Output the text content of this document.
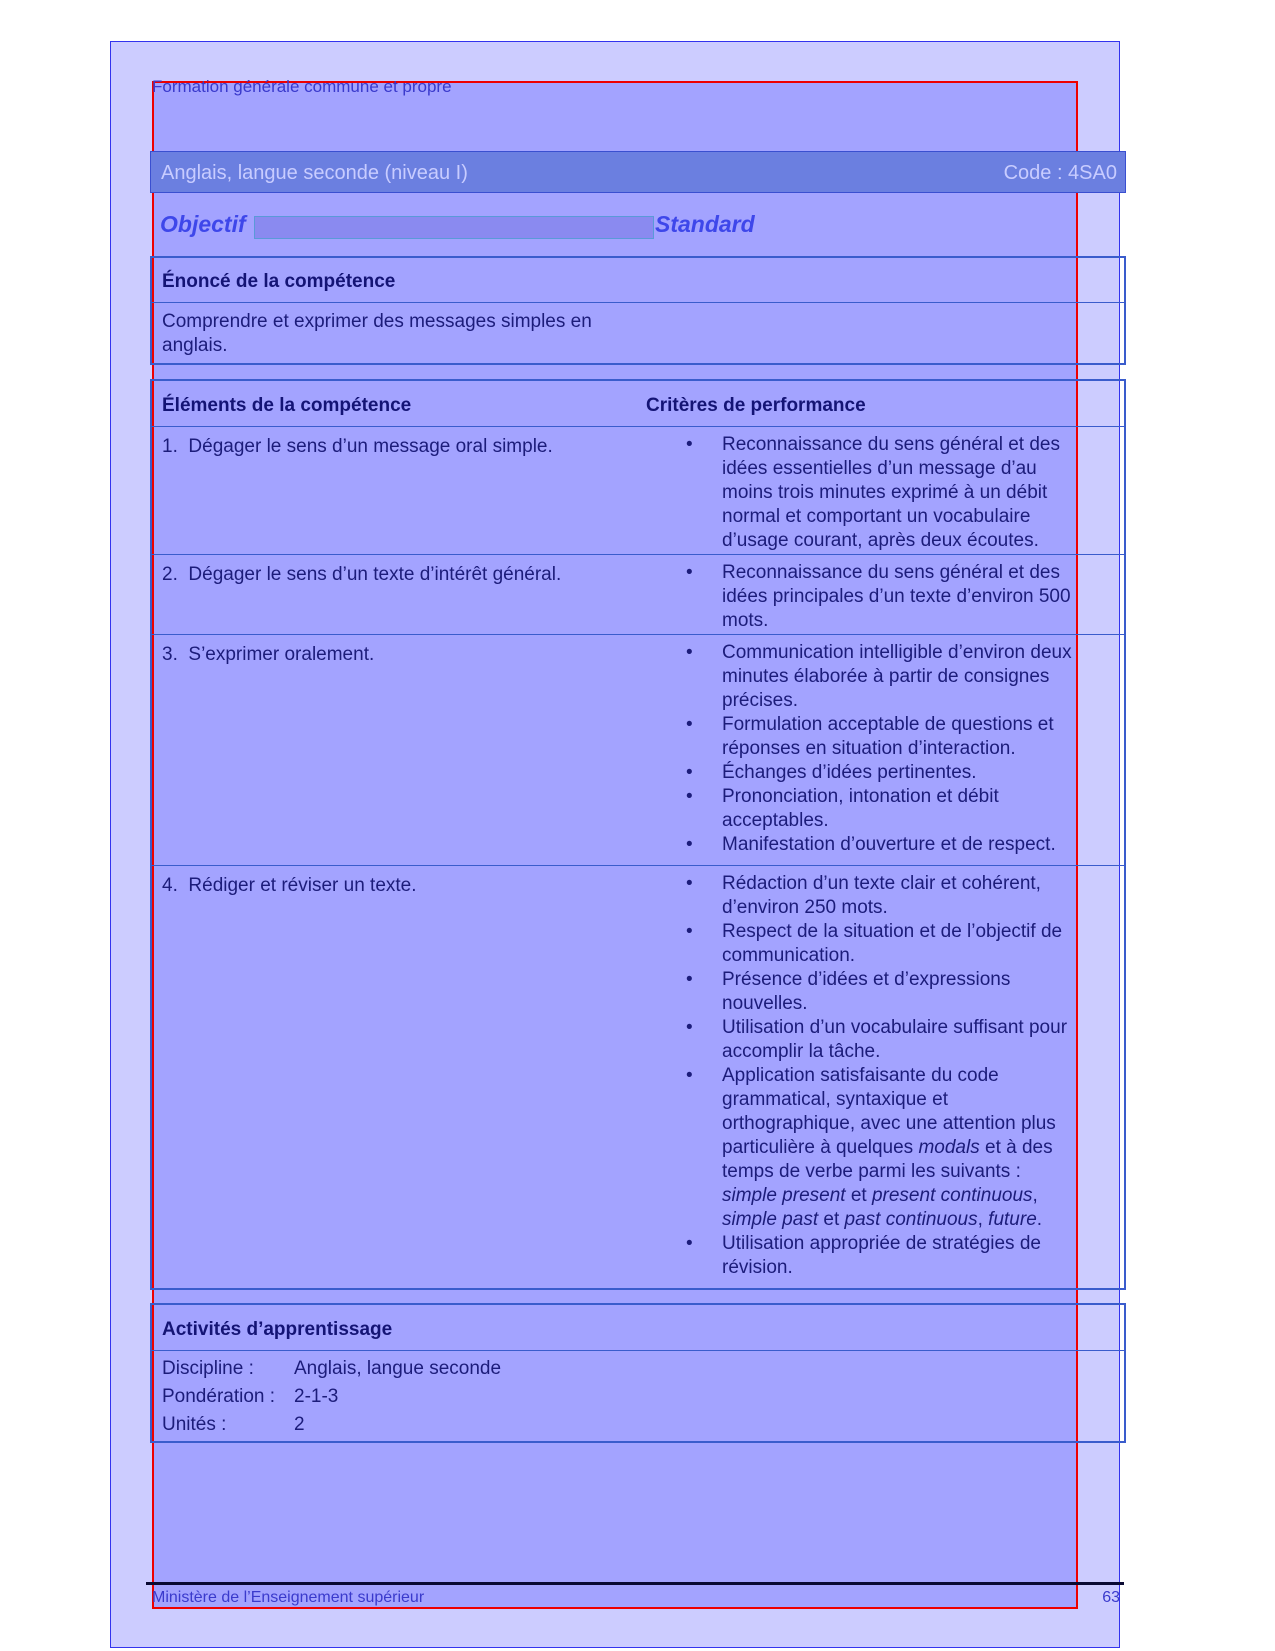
Formation générale commune et propre
Anglais, langue seconde (niveau I)	Code : 4SA0
Objectif	Standard
Énoncé de la compétence
Comprendre et exprimer des messages simples en anglais.
Éléments de la compétence	Critères de performance
1.  Dégager le sens d’un message oral simple.	• Reconnaissance du sens général et des idées essentielles d’un message d’au moins trois minutes exprimé à un débit normal et comportant un vocabulaire d’usage courant, après deux écoutes.
2.  Dégager le sens d’un texte d’intérêt général.	• Reconnaissance du sens général et des idées principales d’un texte d’environ 500 mots.
3.  S’exprimer oralement.	• Communication intelligible d’environ deux minutes élaborée à partir de consignes précises.
• Formulation acceptable de questions et réponses en situation d’interaction.
• Échanges d’idées pertinentes.
• Prononciation, intonation et débit acceptables.
• Manifestation d’ouverture et de respect.
4.  Rédiger et réviser un texte.	• Rédaction d’un texte clair et cohérent, d’environ 250 mots.
• Respect de la situation et de l’objectif de communication.
• Présence d’idées et d’expressions nouvelles.
• Utilisation d’un vocabulaire suffisant pour accomplir la tâche.
• Application satisfaisante du code grammatical, syntaxique et orthographique, avec une attention plus particulière à quelques modals et à des temps de verbe parmi les suivants : simple present et present continuous, simple past et past continuous, future.
• Utilisation appropriée de stratégies de révision.
Activités d’apprentissage
Discipline : Anglais, langue seconde
Pondération : 2-1-3
Unités :	2
Ministère de l’Enseignement supérieur	63
